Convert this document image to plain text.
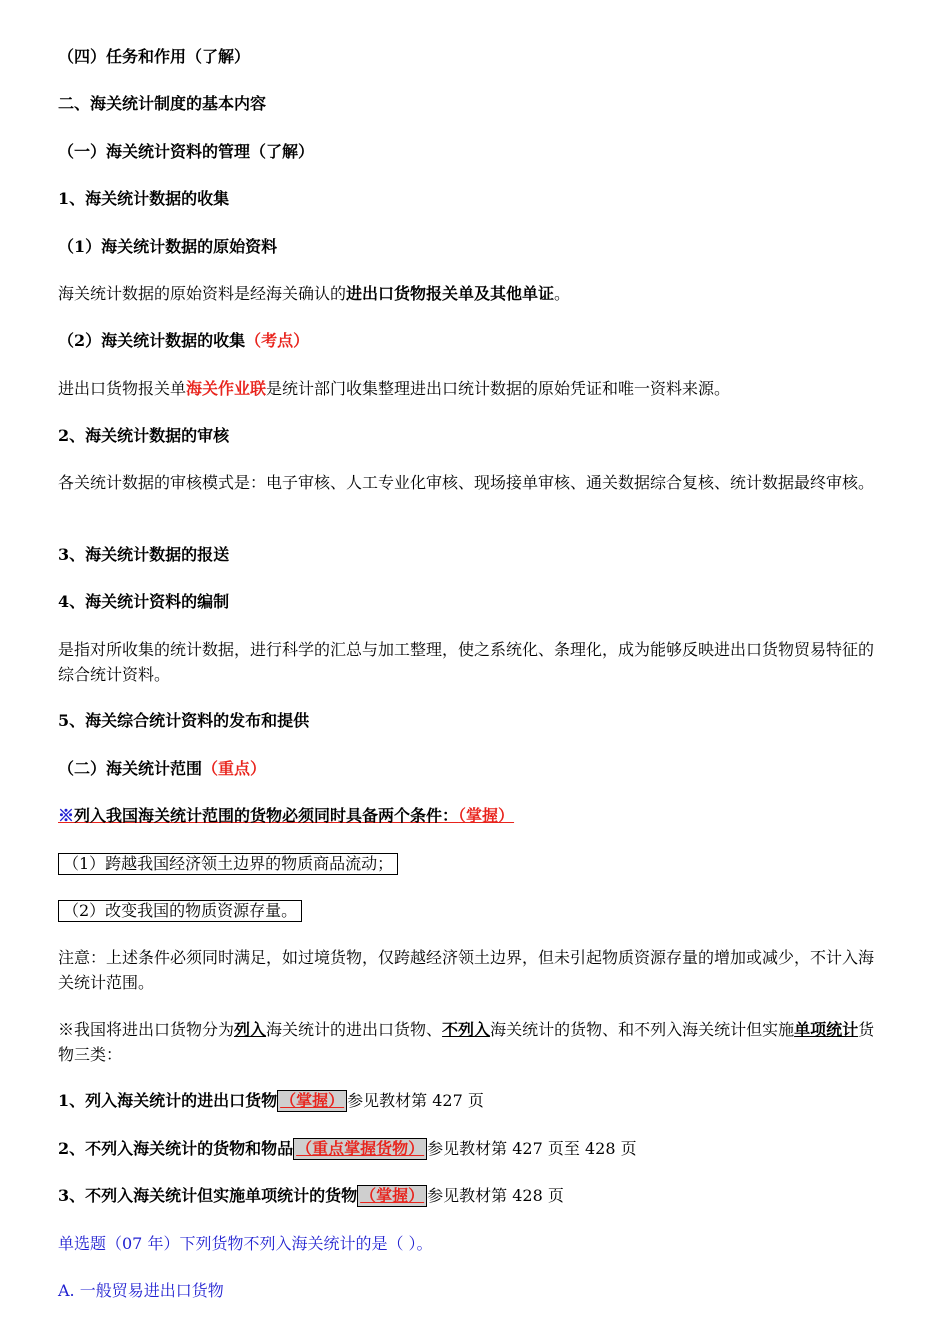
（四）任务和作用（了解）
二、海关统计制度的基本内容
（一）海关统计资料的管理（了解）
1、海关统计数据的收集
（1）海关统计数据的原始资料
海关统计数据的原始资料是经海关确认的进出口货物报关单及其他单证。
（2）海关统计数据的收集（考点）
进出口货物报关单海关作业联是统计部门收集整理进出口统计数据的原始凭证和唯一资料来源。
2、海关统计数据的审核
各关统计数据的审核模式是：电子审核、人工专业化审核、现场接单审核、通关数据综合复核、统计数据最终审核。
3、海关统计数据的报送
4、海关统计资料的编制
是指对所收集的统计数据，进行科学的汇总与加工整理，使之系统化、条理化，成为能够反映进出口货物贸易特征的综合统计资料。
5、海关综合统计资料的发布和提供
（二）海关统计范围（重点）
※列入我国海关统计范围的货物必须同时具备两个条件：（掌握）
（1）跨越我国经济领土边界的物质商品流动；
（2）改变我国的物质资源存量。
注意：上述条件必须同时满足，如过境货物，仅跨越经济领土边界，但未引起物质资源存量的增加或减少，不计入海关统计范围。
※我国将进出口货物分为列入海关统计的进出口货物、不列入海关统计的货物、和不列入海关统计但实施单项统计货物三类：
1、列入海关统计的进出口货物 （掌握） 参见教材第 427 页
2、不列入海关统计的货物和物品 （重点掌握货物） 参见教材第 427 页至 428 页
3、不列入海关统计但实施单项统计的货物 （掌握） 参见教材第 428 页
单选题（07 年）下列货物不列入海关统计的是（ ）。
A. 一般贸易进出口货物
